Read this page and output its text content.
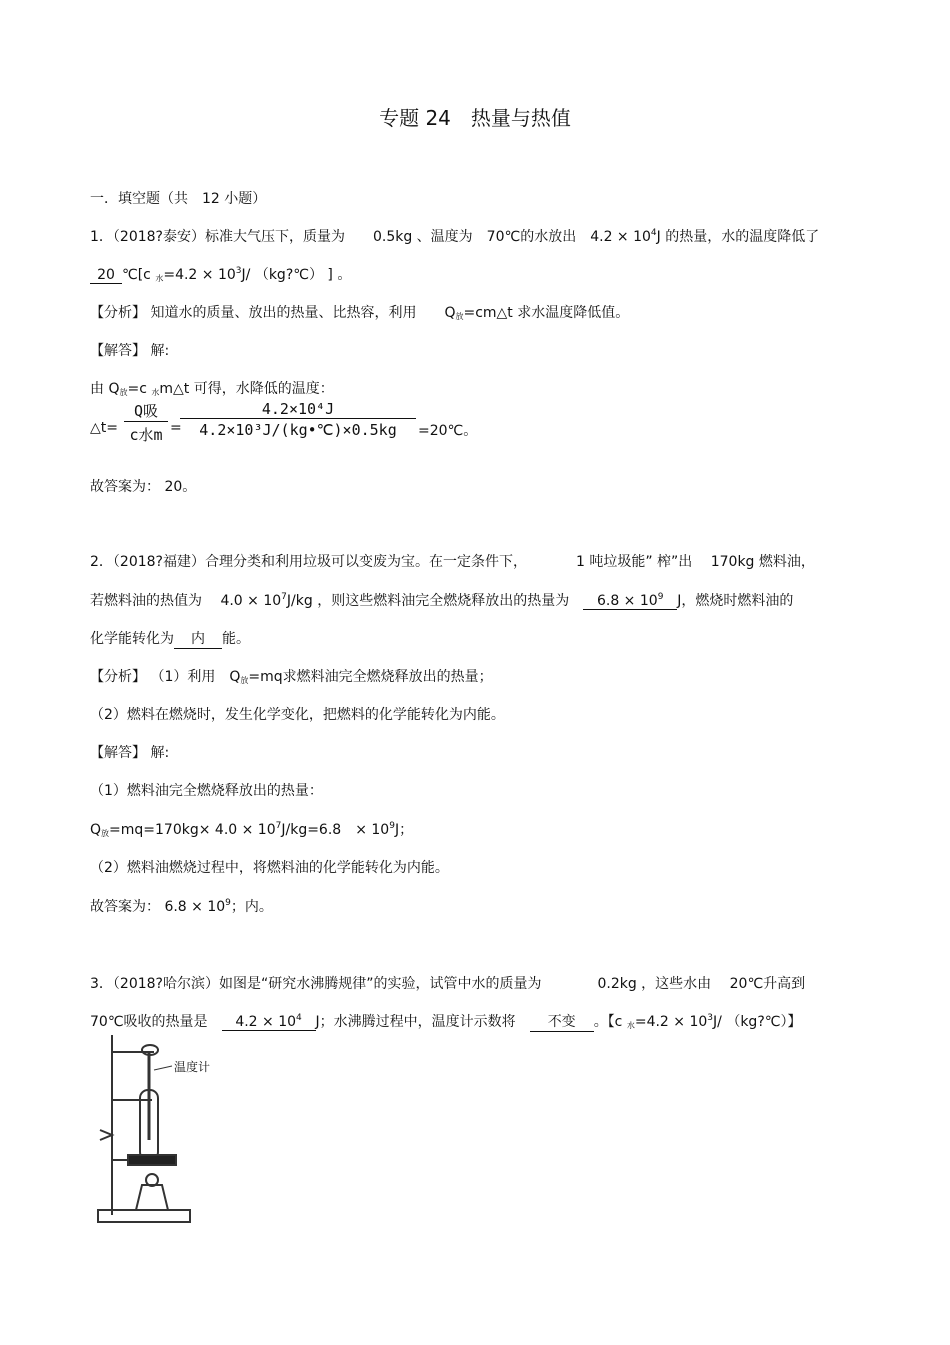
专题 24　热量与热值
一．填空题（共　12 小题）
1．（2018?泰安）标准大气压下，质量为　　0.5kg 、温度为　70℃的水放出　$4.2 \times 10^4J$ 的热量，水的温度降低了
20 ℃[c $_水=4.2 \times 10^3J/$ （kg?℃） ] 。
【分析】 知道水的质量、放出的热量、比热容，利用　　$Q_放=cm\triangle t$ 求水温度降低值。
【解答】 解:
由 $Q_放=c$ $_水$m△t 可得，水降低的温度：
△t=
Q吸
c水m =
$\frac{\text{4.2×10⁴J}}{\text{4.2×10³J/(kg•℃)×0.5kg}}$ =20℃。
故答案为： 20。
2．（2018?福建）合理分类和利用垃圾可以变废为宝。在一定条件下，　　　　1 吨垃圾能” 榨”出　 170kg 燃料油，
若燃料油的热值为　 $4.0 \times 10^7J/kg$ ，则这些燃料油完全燃烧释放出的热量为　$6.8 \times 10^9$ J，燃烧时燃料油的
化学能转化为 内 能。
【分析】 （1）利用　$Q_放=mq$求燃料油完全燃烧释放出的热量；
（2）燃料在燃烧时，发生化学变化，把燃料的化学能转化为内能。
【解答】 解:
（1）燃料油完全燃烧释放出的热量：
$Q_放=mq=170kg\times 4.0 \times 10^7J/kg=6.8$　× $10^9J$；
（2）燃料油燃烧过程中，将燃料油的化学能转化为内能。
故答案为： $6.8 \times 10^9$；内。
3．（2018?哈尔滨）如图是“研究水沸腾规律”的实验，试管中水的质量为　　　　0.2kg ，这些水由　 20℃升高到
70℃吸收的热量是　 $4.2 \times 10^4$ J；水沸腾过程中，温度计示数将　 不变 。【c $_水=4.2 \times 10^3J/$ （kg?℃）】
温度计
